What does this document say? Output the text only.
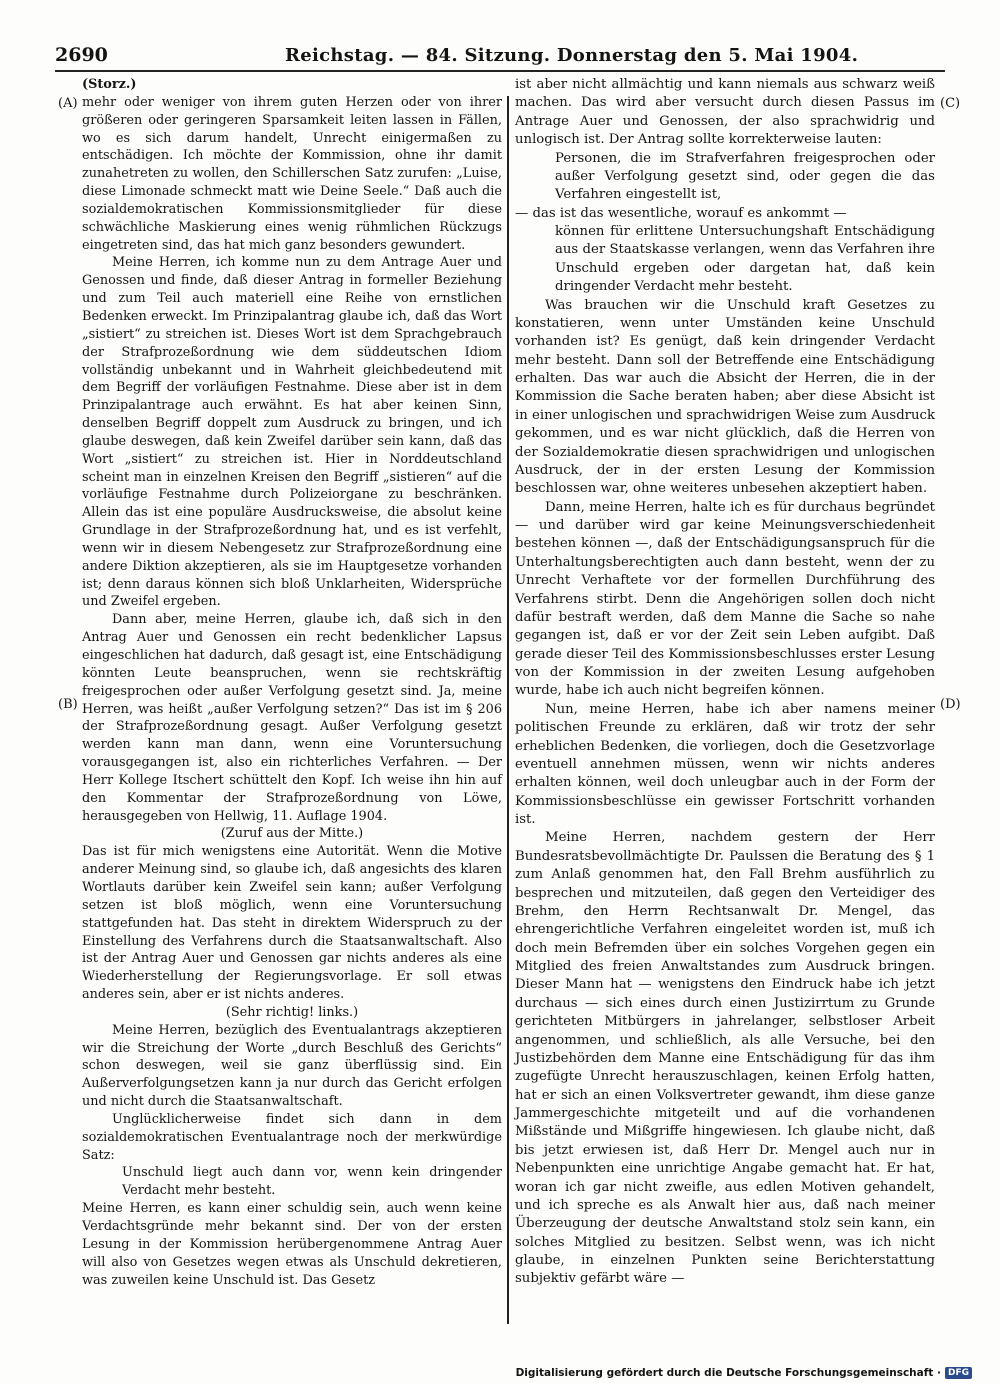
2690	Reichstag. — 84. Sitzung. Donnerstag den 5. Mai 1904.
(A)
(B)
(C)
(D)

(Storz.)

mehr oder weniger von ihrem guten Herzen oder von ihrer größeren oder geringeren Sparsamkeit leiten lassen in Fällen, wo es sich darum handelt, Unrecht einigermaßen zu entschädigen. Ich möchte der Kommission, ohne ihr damit zunahetreten zu wollen, den Schillerschen Satz zurufen: „Luise, diese Limonade schmeckt matt wie Deine Seele.“ Daß auch die sozialdemokratischen Kommissionsmitglieder für diese schwächliche Maskierung eines wenig rühmlichen Rückzugs eingetreten sind, das hat mich ganz besonders gewundert.

Meine Herren, ich komme nun zu dem Antrage Auer und Genossen und finde, daß dieser Antrag in formeller Beziehung und zum Teil auch materiell eine Reihe von ernstlichen Bedenken erweckt. Im Prinzipalantrag glaube ich, daß das Wort „sistiert“ zu streichen ist. Dieses Wort ist dem Sprachgebrauch der Strafprozeßordnung wie dem süddeutschen Idiom vollständig unbekannt und in Wahrheit gleichbedeutend mit dem Begriff der vorläufigen Festnahme. Diese aber ist in dem Prinzipalantrage auch erwähnt. Es hat aber keinen Sinn, denselben Begriff doppelt zum Ausdruck zu bringen, und ich glaube deswegen, daß kein Zweifel darüber sein kann, daß das Wort „sistiert“ zu streichen ist. Hier in Norddeutschland scheint man in einzelnen Kreisen den Begriff „sistieren“ auf die vorläufige Festnahme durch Polizeiorgane zu beschränken. Allein das ist eine populäre Ausdrucksweise, die absolut keine Grundlage in der Strafprozeßordnung hat, und es ist verfehlt, wenn wir in diesem Nebengesetz zur Strafprozeßordnung eine andere Diktion akzeptieren, als sie im Hauptgesetze vorhanden ist; denn daraus können sich bloß Unklarheiten, Widersprüche und Zweifel ergeben.

Dann aber, meine Herren, glaube ich, daß sich in den Antrag Auer und Genossen ein recht bedenklicher Lapsus eingeschlichen hat dadurch, daß gesagt ist, eine Entschädigung könnten Leute beanspruchen, wenn sie rechtskräftig freigesprochen oder außer Verfolgung gesetzt sind. Ja, meine Herren, was heißt „außer Verfolgung setzen?“ Das ist im § 206 der Strafprozeßordnung gesagt. Außer Verfolgung gesetzt werden kann man dann, wenn eine Voruntersuchung vorausgegangen ist, also ein richterliches Verfahren. — Der Herr Kollege Itschert schüttelt den Kopf. Ich weise ihn hin auf den Kommentar der Strafprozeßordnung von Löwe, herausgegeben von Hellwig, 11. Auflage 1904.

(Zuruf aus der Mitte.)

Das ist für mich wenigstens eine Autorität. Wenn die Motive anderer Meinung sind, so glaube ich, daß angesichts des klaren Wortlauts darüber kein Zweifel sein kann; außer Verfolgung setzen ist bloß möglich, wenn eine Voruntersuchung stattgefunden hat. Das steht in direktem Widerspruch zu der Einstellung des Verfahrens durch die Staatsanwaltschaft. Also ist der Antrag Auer und Genossen gar nichts anderes als eine Wiederherstellung der Regierungsvorlage. Er soll etwas anderes sein, aber er ist nichts anderes.

(Sehr richtig! links.)

Meine Herren, bezüglich des Eventualantrags akzeptieren wir die Streichung der Worte „durch Beschluß des Gerichts“ schon deswegen, weil sie ganz überflüssig sind. Ein Außerverfolgungsetzen kann ja nur durch das Gericht erfolgen und nicht durch die Staatsanwaltschaft.

Unglücklicherweise findet sich dann in dem sozialdemokratischen Eventualantrage noch der merkwürdige Satz:

Unschuld liegt auch dann vor, wenn kein dringender Verdacht mehr besteht.

Meine Herren, es kann einer schuldig sein, auch wenn keine Verdachtsgründe mehr bekannt sind. Der von der ersten Lesung in der Kommission herübergenommene Antrag Auer will also von Gesetzes wegen etwas als Unschuld dekretieren, was zuweilen keine Unschuld ist. Das Gesetz

ist aber nicht allmächtig und kann niemals aus schwarz weiß machen. Das wird aber versucht durch diesen Passus im Antrage Auer und Genossen, der also sprachwidrig und unlogisch ist. Der Antrag sollte korrekterweise lauten:

Personen, die im Strafverfahren freigesprochen oder außer Verfolgung gesetzt sind, oder gegen die das Verfahren eingestellt ist,

— das ist das wesentliche, worauf es ankommt —

können für erlittene Untersuchungshaft Entschädigung aus der Staatskasse verlangen, wenn das Verfahren ihre Unschuld ergeben oder dargetan hat, daß kein dringender Verdacht mehr besteht.

Was brauchen wir die Unschuld kraft Gesetzes zu konstatieren, wenn unter Umständen keine Unschuld vorhanden ist? Es genügt, daß kein dringender Verdacht mehr besteht. Dann soll der Betreffende eine Entschädigung erhalten. Das war auch die Absicht der Herren, die in der Kommission die Sache beraten haben; aber diese Absicht ist in einer unlogischen und sprachwidrigen Weise zum Ausdruck gekommen, und es war nicht glücklich, daß die Herren von der Sozialdemokratie diesen sprachwidrigen und unlogischen Ausdruck, der in der ersten Lesung der Kommission beschlossen war, ohne weiteres unbesehen akzeptiert haben.

Dann, meine Herren, halte ich es für durchaus begründet — und darüber wird gar keine Meinungsverschiedenheit bestehen können —, daß der Entschädigungsanspruch für die Unterhaltungsberechtigten auch dann besteht, wenn der zu Unrecht Verhaftete vor der formellen Durchführung des Verfahrens stirbt. Denn die Angehörigen sollen doch nicht dafür bestraft werden, daß dem Manne die Sache so nahe gegangen ist, daß er vor der Zeit sein Leben aufgibt. Daß gerade dieser Teil des Kommissionsbeschlusses erster Lesung von der Kommission in der zweiten Lesung aufgehoben wurde, habe ich auch nicht begreifen können.

Nun, meine Herren, habe ich aber namens meiner politischen Freunde zu erklären, daß wir trotz der sehr erheblichen Bedenken, die vorliegen, doch die Gesetzvorlage eventuell annehmen müssen, wenn wir nichts anderes erhalten können, weil doch unleugbar auch in der Form der Kommissionsbeschlüsse ein gewisser Fortschritt vorhanden ist.

Meine Herren, nachdem gestern der Herr Bundesratsbevollmächtigte Dr. Paulssen die Beratung des § 1 zum Anlaß genommen hat, den Fall Brehm ausführlich zu besprechen und mitzuteilen, daß gegen den Verteidiger des Brehm, den Herrn Rechtsanwalt Dr. Mengel, das ehrengerichtliche Verfahren eingeleitet worden ist, muß ich doch mein Befremden über ein solches Vorgehen gegen ein Mitglied des freien Anwaltstandes zum Ausdruck bringen. Dieser Mann hat — wenigstens den Eindruck habe ich jetzt durchaus — sich eines durch einen Justizirrtum zu Grunde gerichteten Mitbürgers in jahrelanger, selbstloser Arbeit angenommen, und schließlich, als alle Versuche, bei den Justizbehörden dem Manne eine Entschädigung für das ihm zugefügte Unrecht herauszuschlagen, keinen Erfolg hatten, hat er sich an einen Volksvertreter gewandt, ihm diese ganze Jammergeschichte mitgeteilt und auf die vorhandenen Mißstände und Mißgriffe hingewiesen. Ich glaube nicht, daß bis jetzt erwiesen ist, daß Herr Dr. Mengel auch nur in Nebenpunkten eine unrichtige Angabe gemacht hat. Er hat, woran ich gar nicht zweifle, aus edlen Motiven gehandelt, und ich spreche es als Anwalt hier aus, daß nach meiner Überzeugung der deutsche Anwaltstand stolz sein kann, ein solches Mitglied zu besitzen. Selbst wenn, was ich nicht glaube, in einzelnen Punkten seine Berichterstattung subjektiv gefärbt wäre —

Digitalisierung gefördert durch die Deutsche Forschungsgemeinschaft · DFG
